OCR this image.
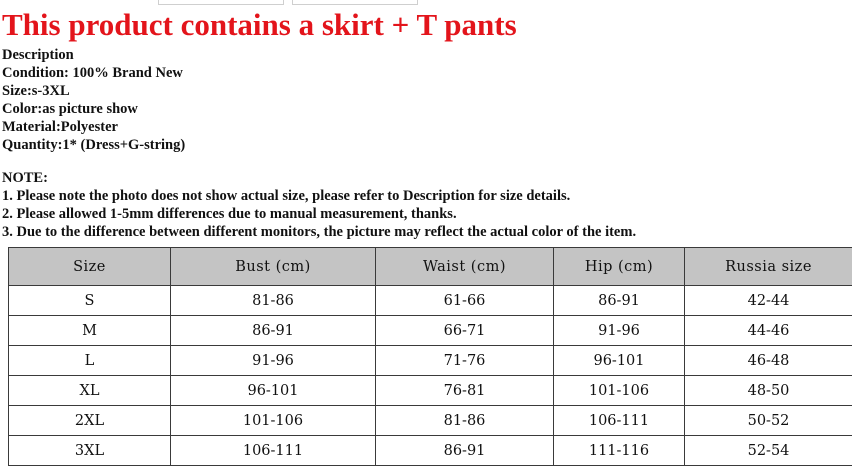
This product contains a skirt + T pants
Description
Condition: 100% Brand New
Size:s-3XL
Color:as picture show
Material:Polyester
Quantity:1* (Dress+G-string)
NOTE:
1. Please note the photo does not show actual size, please refer to Description for size details.
2. Please allowed 1-5mm differences due to manual measurement, thanks.
3. Due to the difference between different monitors, the picture may reflect the actual color of the item.
Size	Bust (cm)	Waist (cm)	Hip (cm)	Russia size
S	81-86	61-66	86-91	42-44
M	86-91	66-71	91-96	44-46
L	91-96	71-76	96-101	46-48
XL	96-101	76-81	101-106	48-50
2XL	101-106	81-86	106-111	50-52
3XL	106-111	86-91	111-116	52-54
